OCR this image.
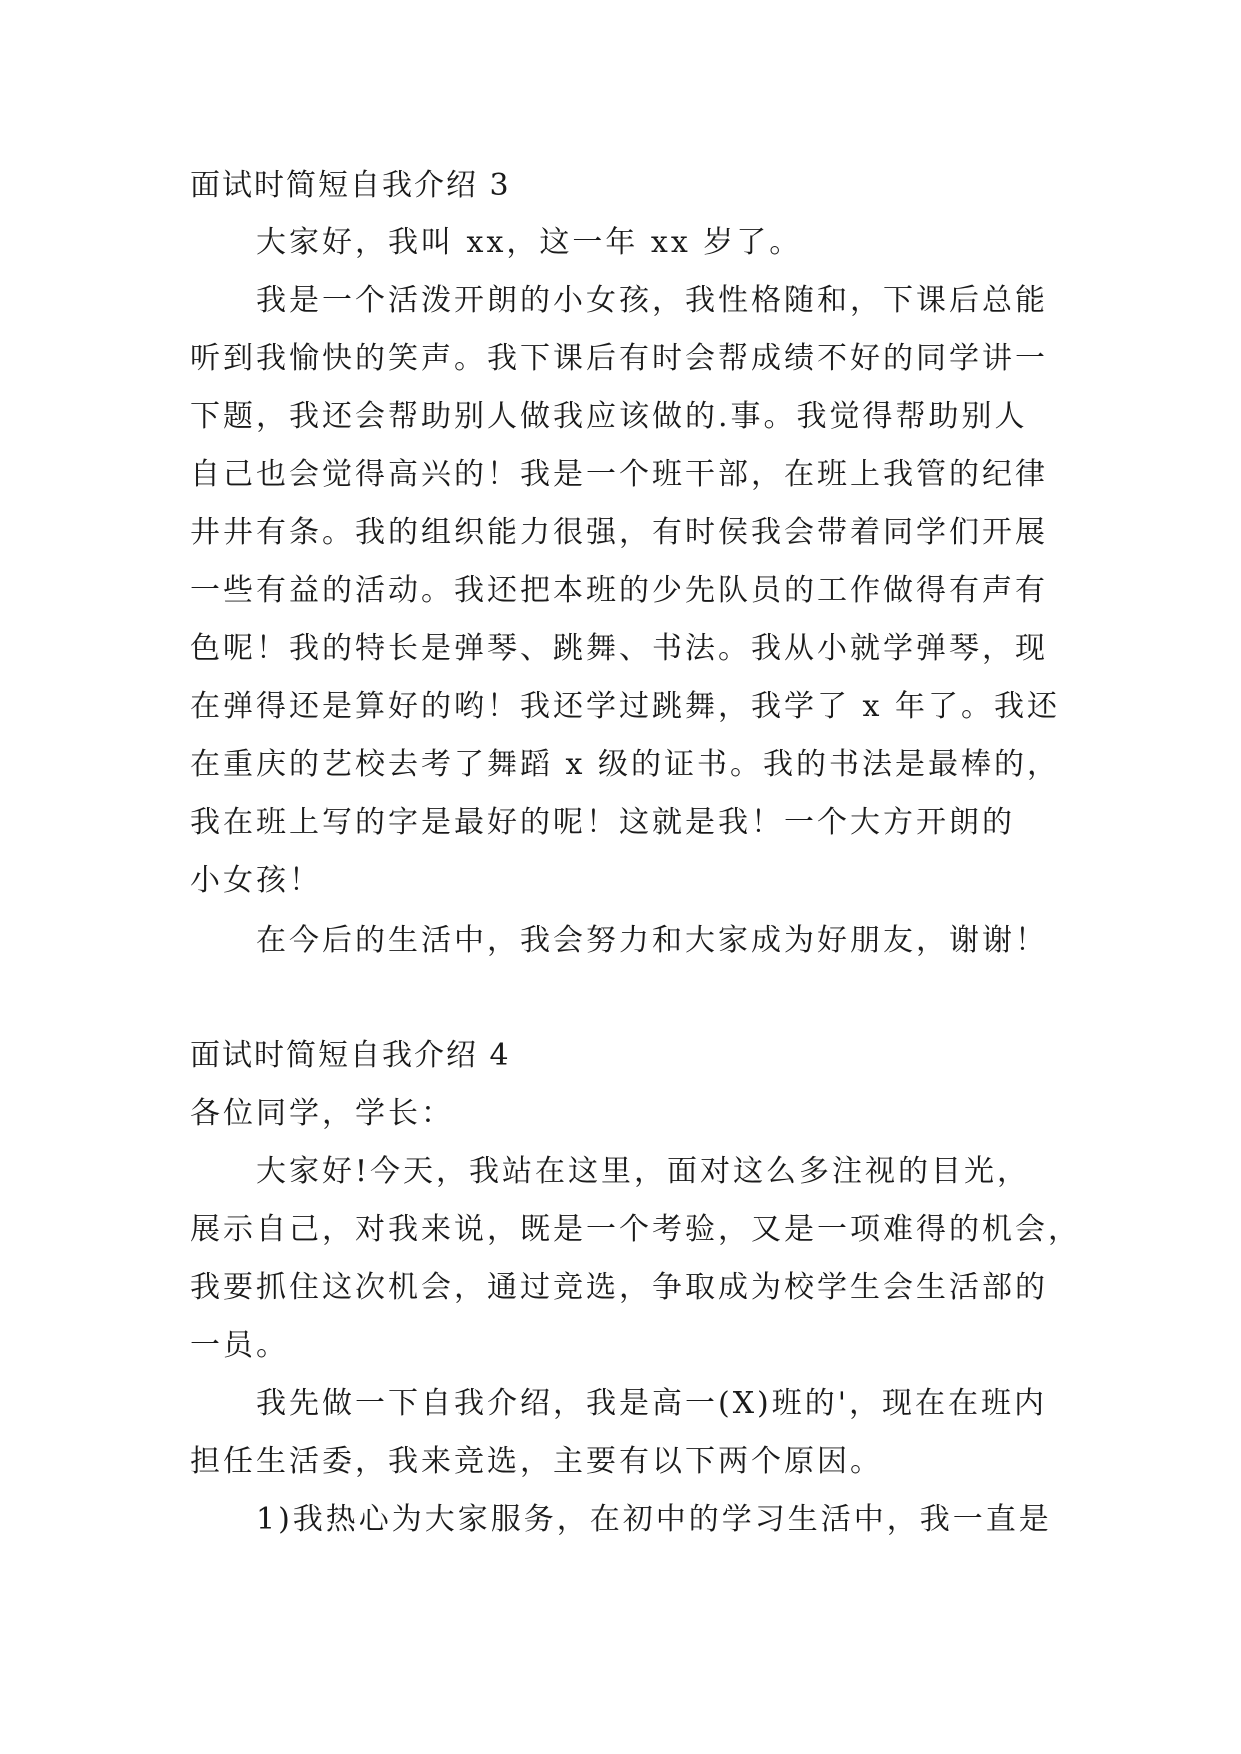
面试时简短自我介绍 3
大家好，我叫 xx，这一年 xx 岁了。
我是一个活泼开朗的小女孩，我性格随和，下课后总能
听到我愉快的笑声。我下课后有时会帮成绩不好的同学讲一
下题，我还会帮助别人做我应该做的.事。我觉得帮助别人
自己也会觉得高兴的！我是一个班干部，在班上我管的纪律
井井有条。我的组织能力很强，有时侯我会带着同学们开展
一些有益的活动。我还把本班的少先队员的工作做得有声有
色呢！我的特长是弹琴、跳舞、书法。我从小就学弹琴，现
在弹得还是算好的哟！我还学过跳舞，我学了 x 年了。我还
在重庆的艺校去考了舞蹈 x 级的证书。我的书法是最棒的，
我在班上写的字是最好的呢！这就是我！一个大方开朗的
小女孩！
在今后的生活中，我会努力和大家成为好朋友，谢谢！
面试时简短自我介绍 4
各位同学，学长：
大家好!今天，我站在这里，面对这么多注视的目光，
展示自己，对我来说，既是一个考验，又是一项难得的机会，
我要抓住这次机会，通过竞选，争取成为校学生会生活部的
一员。
我先做一下自我介绍，我是高一(X)班的'，现在在班内
担任生活委，我来竞选，主要有以下两个原因。
1)我热心为大家服务，在初中的学习生活中，我一直是
